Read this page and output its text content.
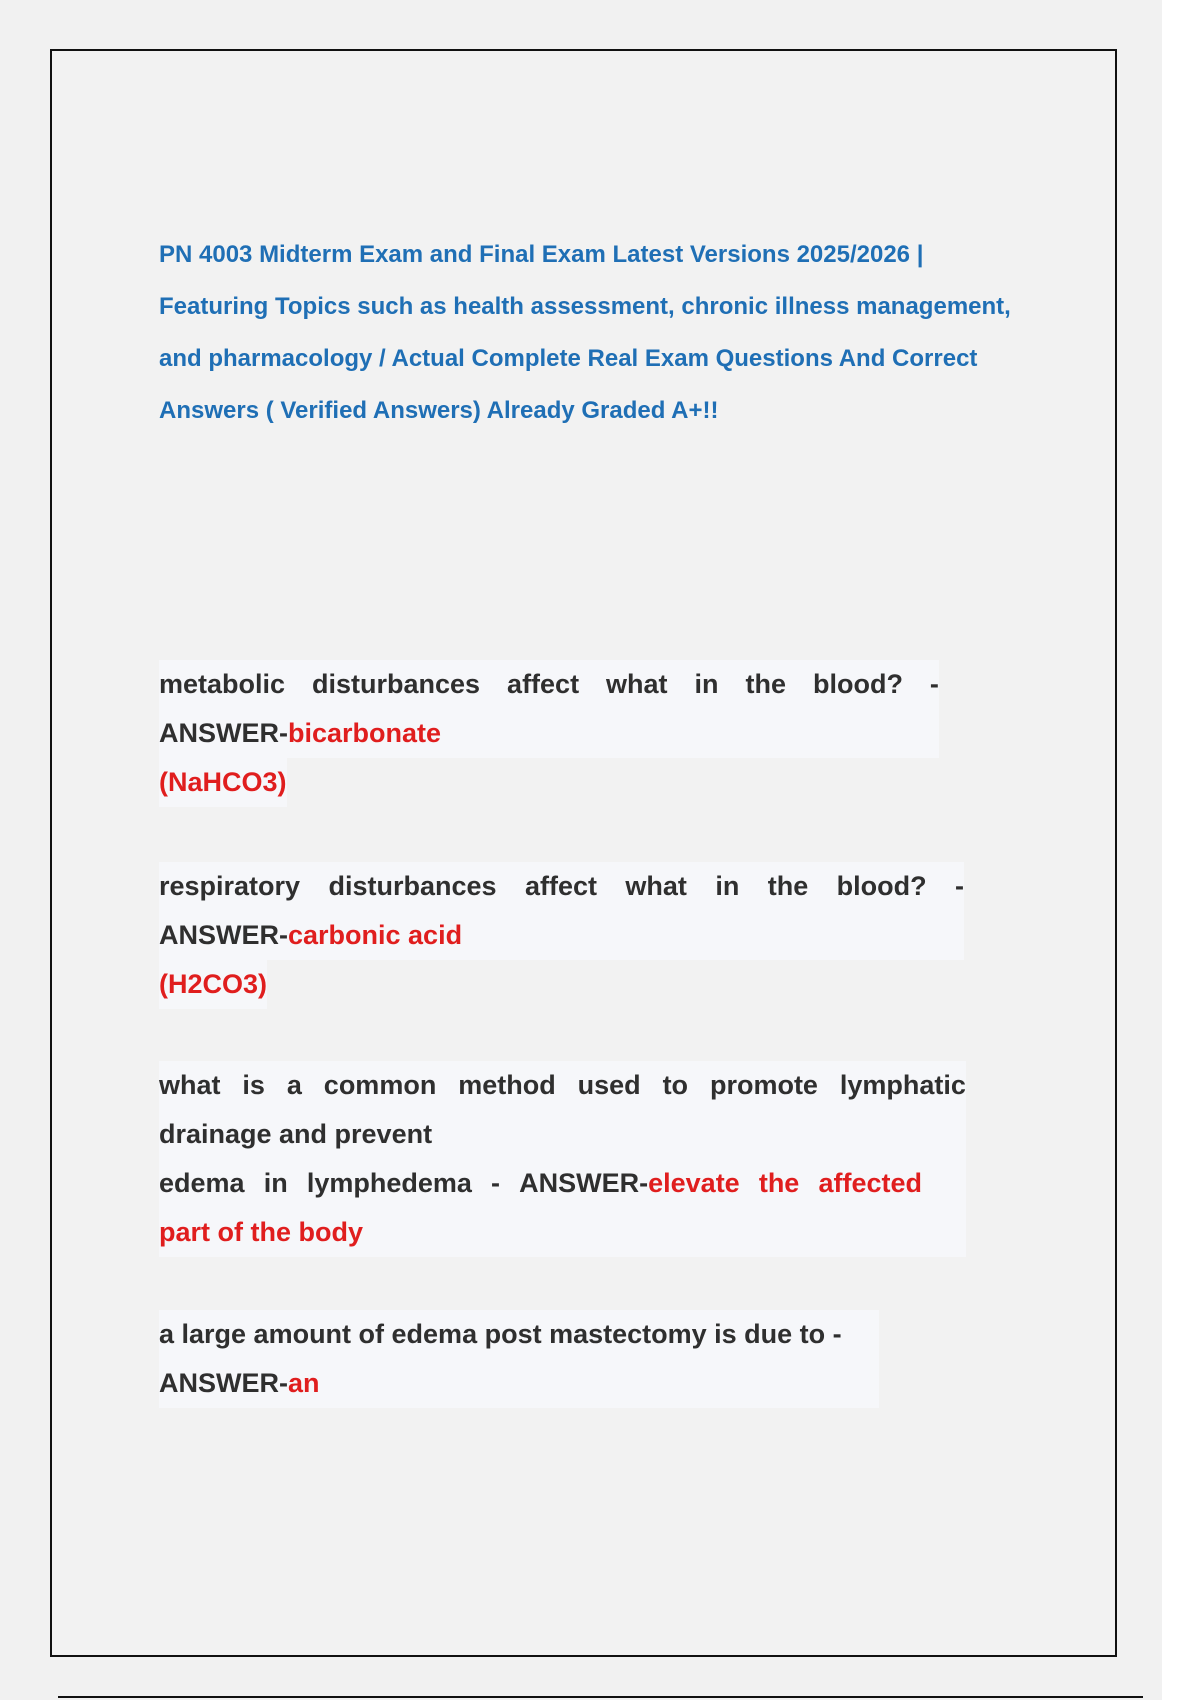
PN 4003 Midterm Exam and Final Exam Latest Versions 2025/2026 |
Featuring Topics such as health assessment, chronic illness management,
and pharmacology / Actual Complete Real Exam Questions And Correct
Answers ( Verified Answers) Already Graded A+!!
metabolic disturbances affect what in the blood? -
ANSWER-bicarbonate
(NaHCO3)
respiratory disturbances affect what in the blood? -
ANSWER-carbonic acid
(H2CO3)
what is a common method used to promote lymphatic
drainage and prevent
edema in lymphedema - ANSWER-elevate the affected
part of the body
a large amount of edema post mastectomy is due to -
ANSWER-an
